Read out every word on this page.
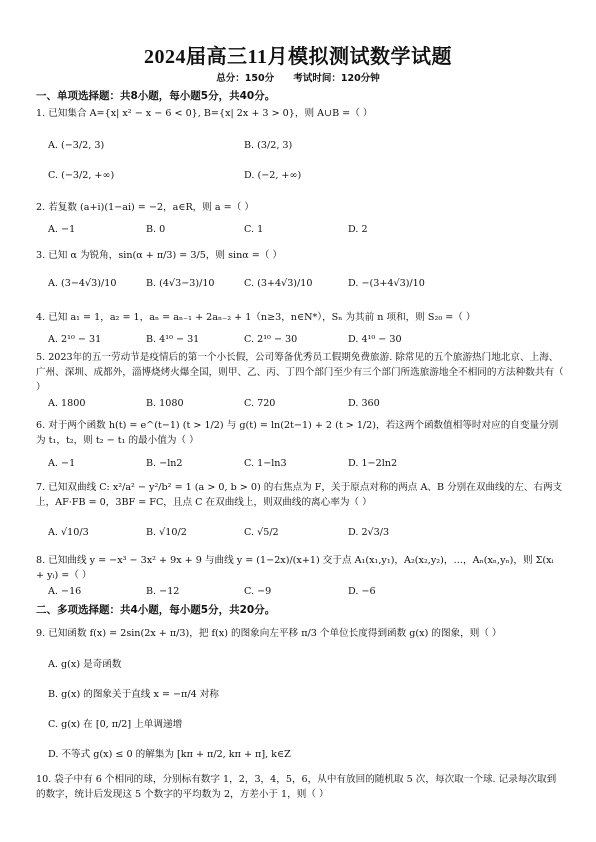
2024届高三11月模拟测试数学试题
总分：150分 考试时间：120分钟
一、单项选择题：共8小题，每小题5分，共40分。
1. 已知集合 A={x| x² − x − 6 < 0}, B={x| 2x + 3 > 0}，则 A∪B =（ ）
A. (−3/2, 3)	B. (3/2, 3)
C. (−3/2, +∞)	D. (−2, +∞)
2. 若复数 (a+i)(1−ai) = −2，a∈R，则 a =（ ）
A. −1	B. 0	C. 1	D. 2
3. 已知 α 为锐角，sin(α + π/3) = 3/5，则 sinα =（ ）
A. (3−4√3)/10	B. (4√3−3)/10	C. (3+4√3)/10	D. −(3+4√3)/10
4. 已知 a₁ = 1，a₂ = 1，aₙ = aₙ₋₁ + 2aₙ₋₂ + 1（n≥3，n∈N*），Sₙ 为其前 n 项和，则 S₂₀ =（ ）
A. 2¹⁰ − 31	B. 4¹⁰ − 31	C. 2¹⁰ − 30	D. 4¹⁰ − 30
5. 2023年的五一劳动节是疫情后的第一个小长假，公司筹备优秀员工假期免费旅游. 除常见的五个旅游热门地北京、上海、广州、深圳、成都外，淄博烧烤火爆全国，则甲、乙、丙、丁四个部门至少有三个部门所选旅游地全不相同的方法种数共有（ ）
A. 1800	B. 1080	C. 720	D. 360
6. 对于两个函数 h(t) = e^(t−1) (t > 1/2) 与 g(t) = ln(2t−1) + 2 (t > 1/2)，若这两个函数值相等时对应的自变量分别为 t₁，t₂，则 t₂ − t₁ 的最小值为（ ）
A. −1	B. −ln2	C. 1−ln3	D. 1−2ln2
7. 已知双曲线 C: x²/a² − y²/b² = 1 (a > 0, b > 0) 的右焦点为 F，关于原点对称的两点 A、B 分别在双曲线的左、右两支上，AF·FB = 0，3BF = FC，且点 C 在双曲线上，则双曲线的离心率为（ ）
A. √10/3	B. √10/2	C. √5/2	D. 2√3/3
8. 已知曲线 y = −x³ − 3x² + 9x + 9 与曲线 y = (1−2x)/(x+1) 交于点 A₁(x₁,y₁)，A₂(x₂,y₂)，…，Aₙ(xₙ,yₙ)，则 Σ(xᵢ + yᵢ) =（ ）
A. −16	B. −12	C. −9	D. −6
二、多项选择题：共4小题，每小题5分，共20分。
9. 已知函数 f(x) = 2sin(2x + π/3)，把 f(x) 的图象向左平移 π/3 个单位长度得到函数 g(x) 的图象，则（ ）
A. g(x) 是奇函数
B. g(x) 的图象关于直线 x = −π/4 对称
C. g(x) 在 [0, π/2] 上单调递增
D. 不等式 g(x) ≤ 0 的解集为 [kπ + π/2, kπ + π], k∈Z
10. 袋子中有 6 个相同的球，分别标有数字 1，2，3，4，5，6，从中有放回的随机取 5 次，每次取一个球. 记录每次取到的数字，统计后发现这 5 个数字的平均数为 2，方差小于 1，则（ ）
